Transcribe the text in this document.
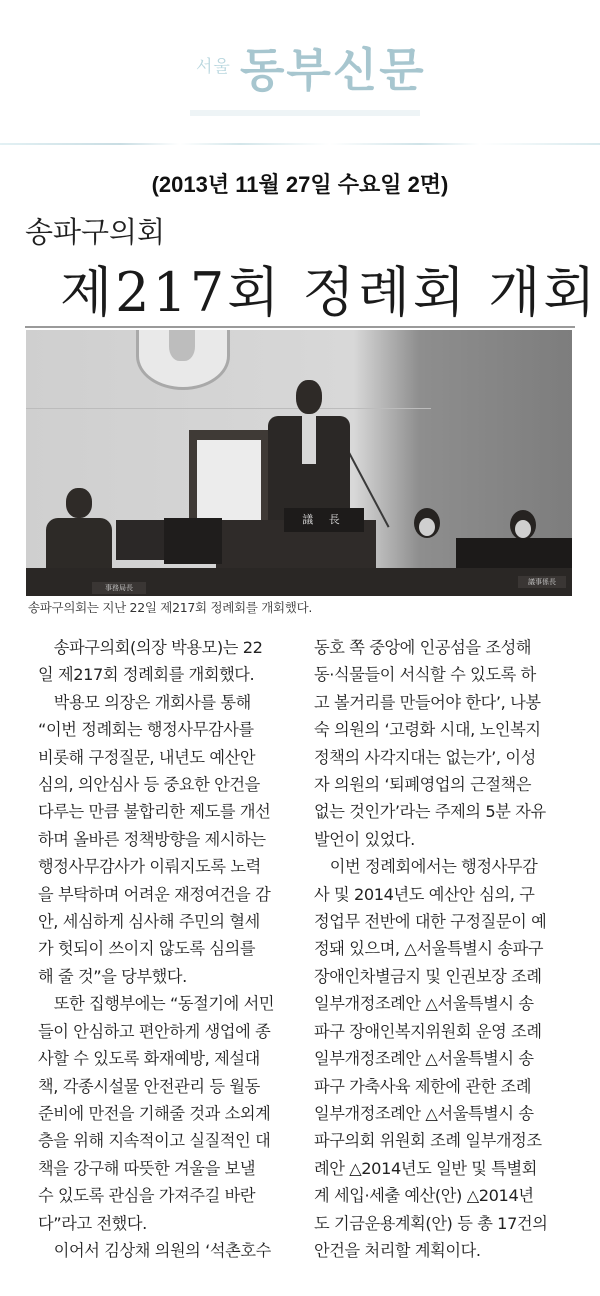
서울 동부신문
(2013년 11월 27일 수요일 2면)
송파구의회
제217회 정례회 개회
議 長
事務局長
議事係長
송파구의회는 지난 22일 제217회 정례회를 개회했다.
　송파구의회(의장 박용모)는 22
일 제217회 정례회를 개회했다.
　박용모 의장은 개회사를 통해
“이번 정례회는 행정사무감사를
비롯해 구정질문, 내년도 예산안
심의, 의안심사 등 중요한 안건을
다루는 만큼 불합리한 제도를 개선
하며 올바른 정책방향을 제시하는
행정사무감사가 이뤄지도록 노력
을 부탁하며 어려운 재정여건을 감
안, 세심하게 심사해 주민의 혈세
가 헛되이 쓰이지 않도록 심의를
해 줄 것”을 당부했다.
　또한 집행부에는 “동절기에 서민
들이 안심하고 편안하게 생업에 종
사할 수 있도록 화재예방, 제설대
책, 각종시설물 안전관리 등 월동
준비에 만전을 기해줄 것과 소외계
층을 위해 지속적이고 실질적인 대
책을 강구해 따뜻한 겨울을 보낼
수 있도록 관심을 가져주길 바란
다”라고 전했다.
　이어서 김상채 의원의 ‘석촌호수
동호 쪽 중앙에 인공섬을 조성해
동·식물들이 서식할 수 있도록 하
고 볼거리를 만들어야 한다’, 나봉
숙 의원의 ‘고령화 시대, 노인복지
정책의 사각지대는 없는가’, 이성
자 의원의 ‘퇴폐영업의 근절책은
없는 것인가’라는 주제의 5분 자유
발언이 있었다.
　이번 정례회에서는 행정사무감
사 및 2014년도 예산안 심의, 구
정업무 전반에 대한 구정질문이 예
정돼 있으며, △서울특별시 송파구
장애인차별금지 및 인권보장 조례
일부개정조례안 △서울특별시 송
파구 장애인복지위원회 운영 조례
일부개정조례안 △서울특별시 송
파구 가축사육 제한에 관한 조례
일부개정조례안 △서울특별시 송
파구의회 위원회 조례 일부개정조
례안 △2014년도 일반 및 특별회
계 세입·세출 예산(안) △2014년
도 기금운용계획(안) 등 총 17건의
안건을 처리할 계획이다.
